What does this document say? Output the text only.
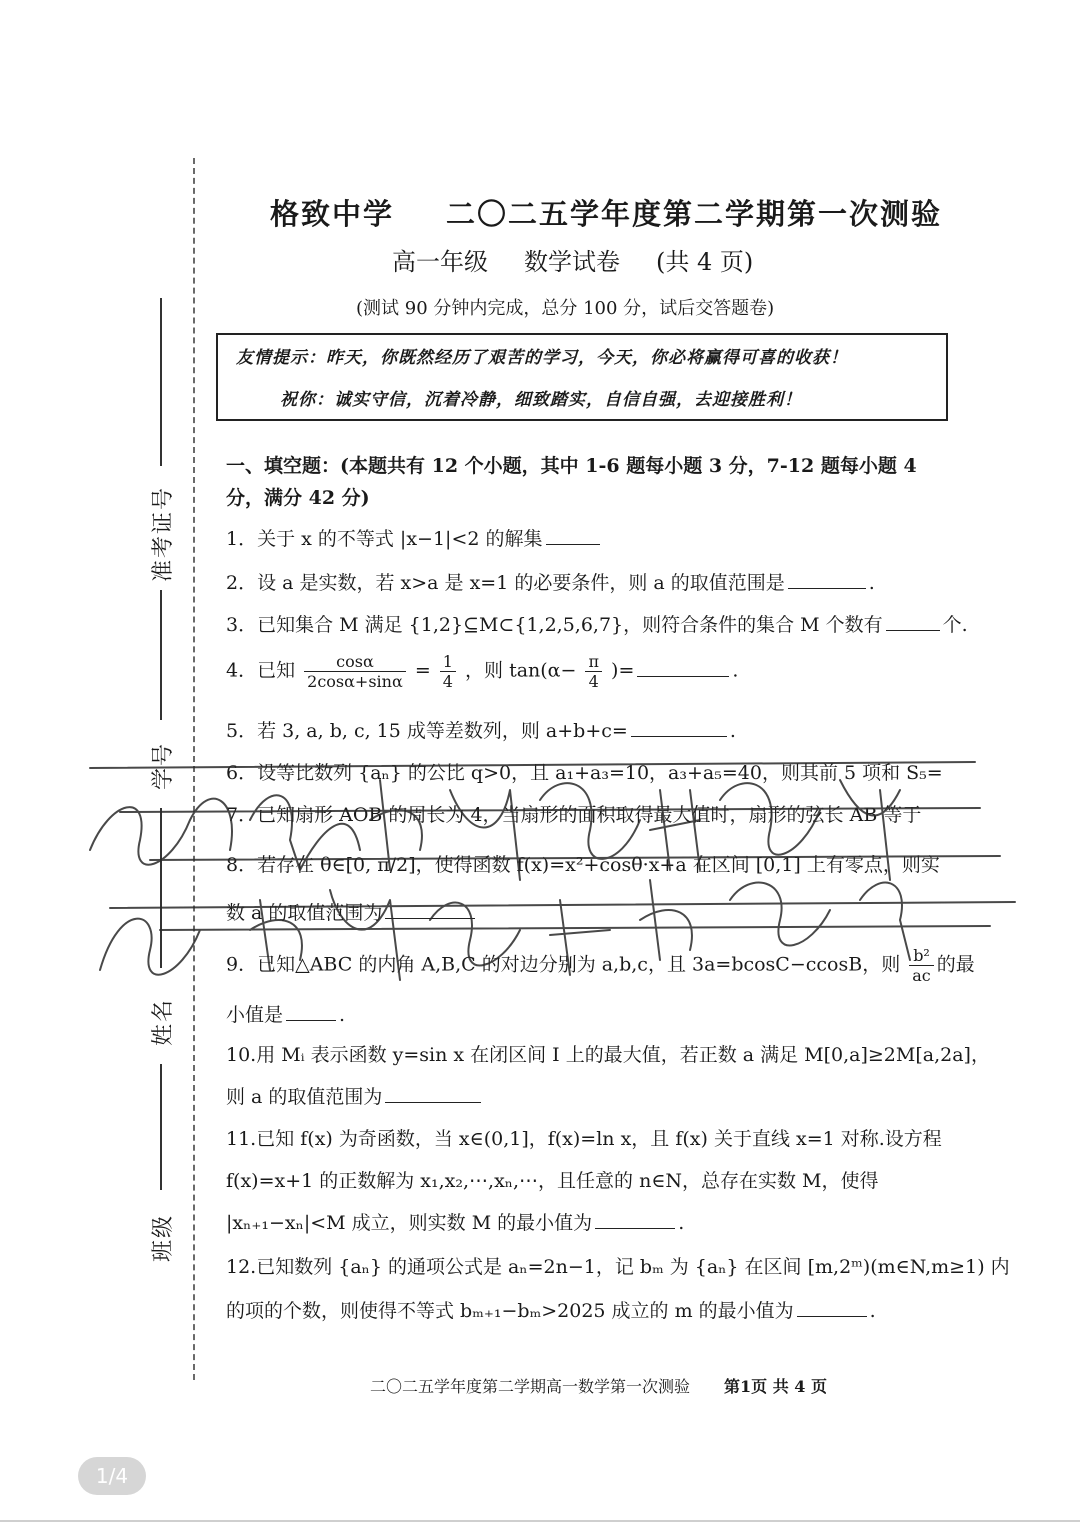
准考证号
学号
姓名
班级
格致中学 二〇二五学年度第二学期第一次测验
高一年级 数学试卷 (共 4 页)
(测试 90 分钟内完成，总分 100 分，试后交答题卷)
友情提示：昨天，你既然经历了艰苦的学习，今天，你必将赢得可喜的收获！
祝你：诚实守信，沉着冷静，细致踏实，自信自强，去迎接胜利！
一、填空题：(本题共有 12 个小题，其中 1-6 题每小题 3 分，7-12 题每小题 4
分，满分 42 分)
1．关于 x 的不等式 |x−1|<2 的解集
2．设 a 是实数，若 x>a 是 x=1 的必要条件，则 a 的取值范围是	.
3．已知集合 M 满足 {1,2}⊆M⊂{1,2,5,6,7}，则符合条件的集合 M 个数有	个.
4．已知 $\frac{\cos\alpha}{2\cos\alpha+\sin\alpha} = \frac{1}{4}$ ，则 $\tan(\alpha- \frac{\pi}{4}$ )=	.
5．若 3, a, b, c, 15 成等差数列，则 a+b+c=	.
6．设等比数列 {aₙ} 的公比 q>0，且 a₁+a₃=10，a₃+a₅=40，则其前 5 项和 S₅=
7．已知扇形 AOB 的周长为 4，当扇形的面积取得最大值时，扇形的弦长 AB 等于
8．若存在 θ∈[0, π/2]，使得函数 f(x)=x²+cosθ·x+a 在区间 [0,1] 上有零点，则实
数 a 的取值范围为
9．已知△ABC 的内角 A,B,C 的对边分别为 a,b,c，且 3a=bcosC−ccosB，则 $\frac{\text{b²}}{ac}$ 的最
小值是	.
10.用 Mᵢ 表示函数 y=sin x 在闭区间 I 上的最大值，若正数 a 满足 M[0,a]≥2M[a,2a]，
则 a 的取值范围为
11.已知 f(x) 为奇函数，当 x∈(0,1]，f(x)=ln x，且 f(x) 关于直线 x=1 对称.设方程
f(x)=x+1 的正数解为 x₁,x₂,⋯,xₙ,⋯，且任意的 n∈N，总存在实数 M，使得
|xₙ₊₁−xₙ|<M 成立，则实数 M 的最小值为	.
12.已知数列 {aₙ} 的通项公式是 aₙ=2n−1，记 bₘ 为 {aₙ} 在区间 [m,2ᵐ)(m∈N,m≥1) 内
的项的个数，则使得不等式 bₘ₊₁−bₘ>2025 成立的 m 的最小值为	.
二〇二五学年度第二学期高一数学第一次测验 第1页 共 4 页
1/4
